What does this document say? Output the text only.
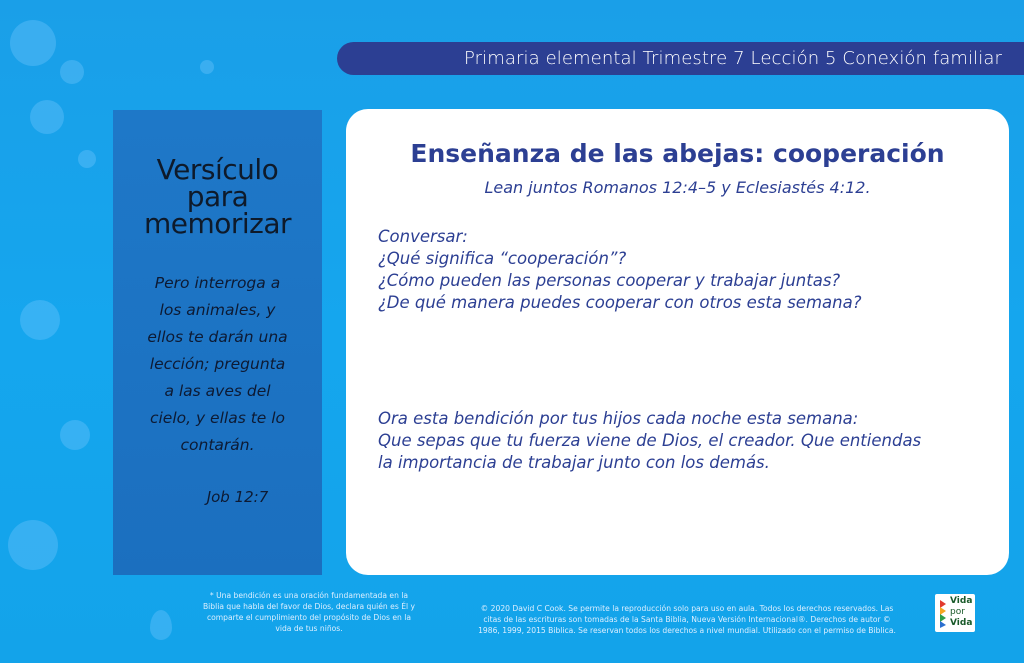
Primaria elemental Trimestre 7 Lección 5 Conexión familiar
Versículo
para
memorizar
Pero interroga a
los animales, y
ellos te darán una
lección; pregunta
a las aves del
cielo, y ellas te lo
contarán.
Job 12:7
Enseñanza de las abejas: cooperación
Lean juntos Romanos 12:4–5 y Eclesiastés 4:12.
Conversar:
¿Qué significa “cooperación”?
¿Cómo pueden las personas cooperar y trabajar juntas?
¿De qué manera puedes cooperar con otros esta semana?
Ora esta bendición por tus hijos cada noche esta semana:
Que sepas que tu fuerza viene de Dios, el creador. Que entiendas
la importancia de trabajar junto con los demás.
* Una bendición es una oración fundamentada en la
Biblia que habla del favor de Dios, declara quién es Él y
comparte el cumplimiento del propósito de Dios en la
vida de tus niños.
© 2020 David C Cook. Se permite la reproducción solo para uso en aula. Todos los derechos reservados. Las
citas de las escrituras son tomadas de la Santa Biblia, Nueva Versión Internacional®. Derechos de autor ©
1986, 1999, 2015 Biblica. Se reservan todos los derechos a nivel mundial. Utilizado con el permiso de Biblica.
Vida
por
Vida
